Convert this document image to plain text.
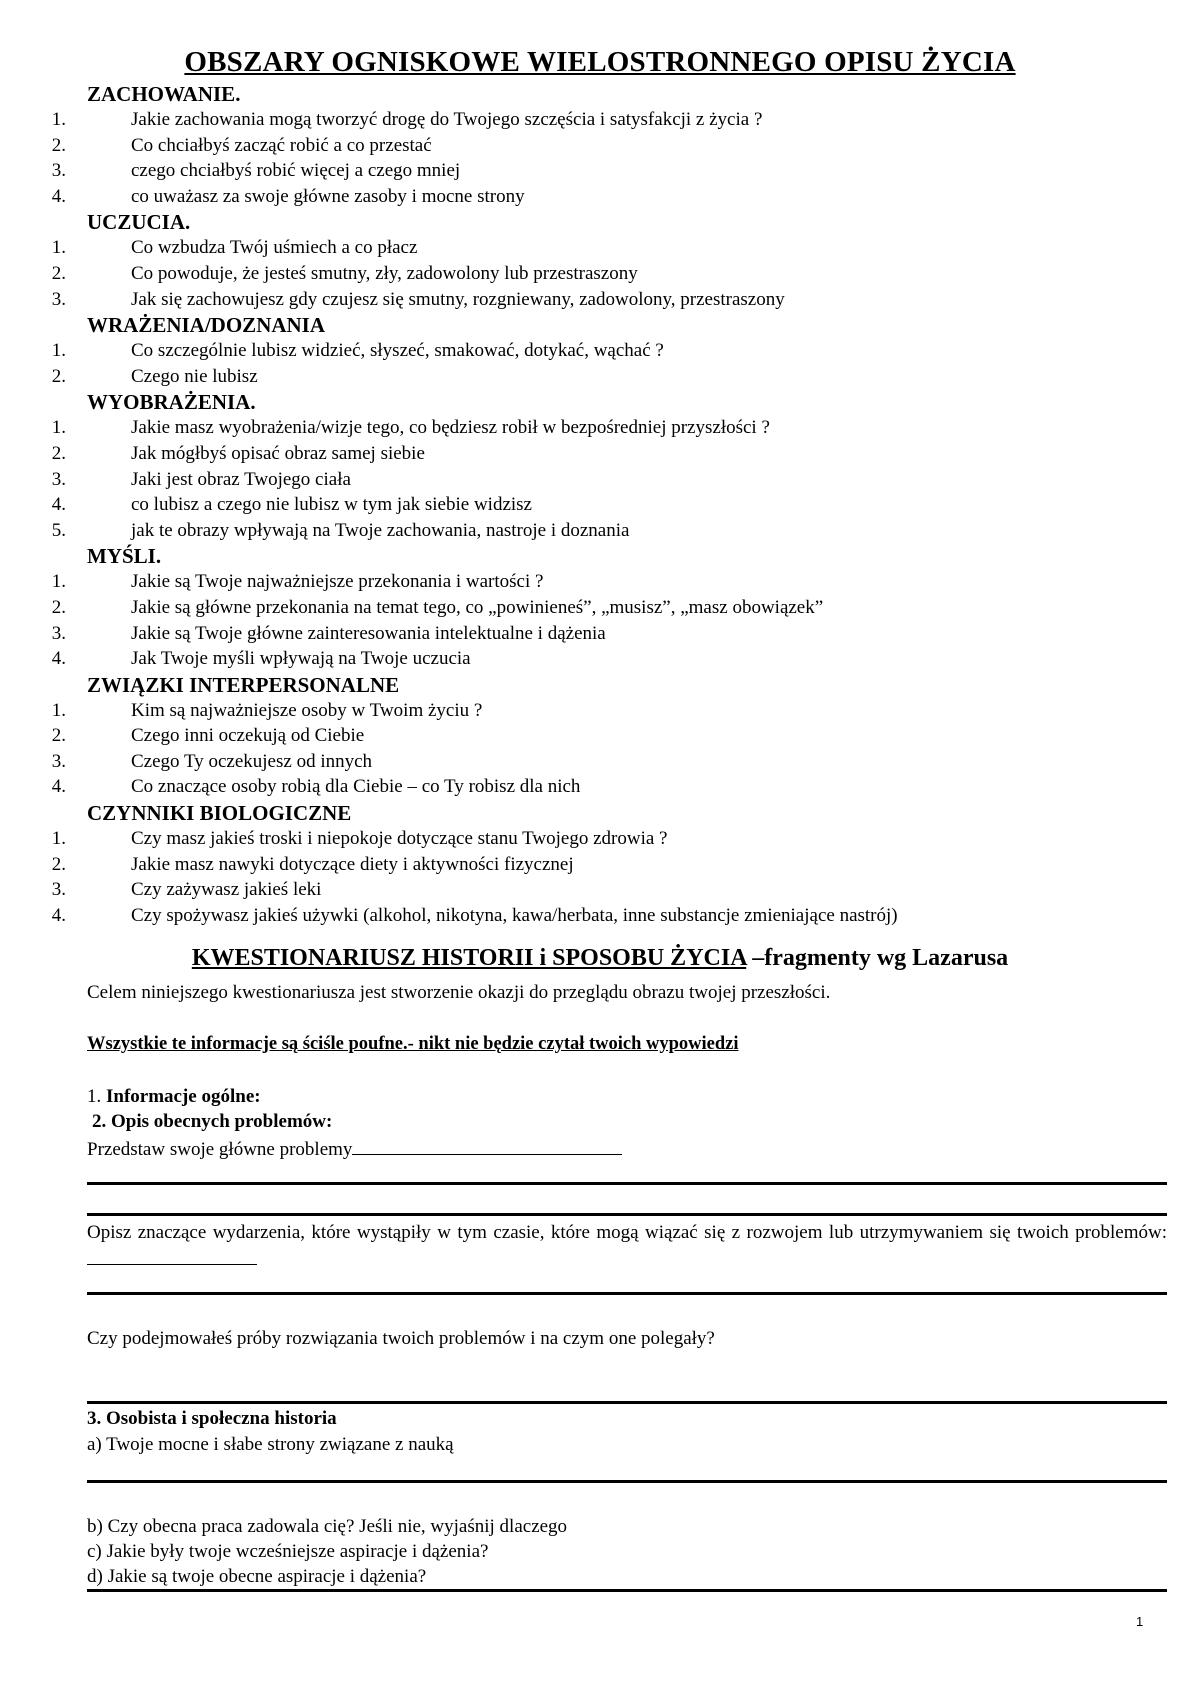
OBSZARY OGNISKOWE WIELOSTRONNEGO OPISU ŻYCIA
ZACHOWANIE.
1.	Jakie zachowania mogą tworzyć drogę do Twojego szczęścia i satysfakcji z życia ?
2.	Co chciałbyś zacząć robić a co przestać
3.	czego chciałbyś robić więcej a czego mniej
4.	co uważasz za swoje główne zasoby i mocne strony
UCZUCIA.
1.	Co wzbudza Twój uśmiech a co płacz
2.	Co powoduje, że jesteś smutny, zły, zadowolony lub przestraszony
3.	Jak się zachowujesz gdy czujesz się smutny, rozgniewany, zadowolony, przestraszony
WRAŻENIA/DOZNANIA
1.	Co szczególnie lubisz widzieć, słyszeć, smakować, dotykać, wąchać ?
2.	Czego nie lubisz
WYOBRAŻENIA.
1.	Jakie masz wyobrażenia/wizje tego, co będziesz robił w bezpośredniej przyszłości ?
2.	Jak mógłbyś opisać obraz samej siebie
3.	Jaki jest obraz Twojego ciała
4.	co lubisz a czego nie lubisz w tym jak siebie widzisz
5.	jak te obrazy wpływają na Twoje zachowania, nastroje i doznania
MYŚLI.
1.	Jakie są Twoje najważniejsze przekonania i wartości ?
2.	Jakie są główne przekonania na temat tego, co „powinieneś”, „musisz”, „masz obowiązek”
3.	Jakie są Twoje główne zainteresowania intelektualne i dążenia
4.	Jak Twoje myśli wpływają na Twoje uczucia
ZWIĄZKI INTERPERSONALNE
1.	Kim są najważniejsze osoby w Twoim życiu ?
2.	Czego inni oczekują od Ciebie
3.	Czego Ty oczekujesz od innych
4.	Co znaczące osoby robią dla Ciebie – co Ty robisz dla nich
CZYNNIKI BIOLOGICZNE
1.	Czy masz jakieś troski i niepokoje dotyczące stanu Twojego zdrowia ?
2.	Jakie masz nawyki dotyczące diety i aktywności fizycznej
3.	Czy zażywasz jakieś leki
4.	Czy spożywasz jakieś używki (alkohol, nikotyna, kawa/herbata, inne substancje zmieniające nastrój)
KWESTIONARIUSZ HISTORII i SPOSOBU ŻYCIA –fragmenty wg Lazarusa
Celem niniejszego kwestionariusza jest stworzenie okazji do przeglądu obrazu twojej przeszłości.
Wszystkie te informacje są ściśle poufne.- nikt nie będzie czytał twoich wypowiedzi
1. Informacje ogólne:
2. Opis obecnych problemów:
Przedstaw swoje główne problemy
Opisz znaczące wydarzenia, które wystąpiły w tym czasie, które mogą wiązać się z rozwojem lub utrzymywaniem się twoich problemów:
Czy podejmowałeś próby rozwiązania twoich problemów i na czym one polegały?
3. Osobista i społeczna historia
a) Twoje mocne i słabe strony związane z nauką
b) Czy obecna praca zadowala cię? Jeśli nie, wyjaśnij dlaczego
c) Jakie były twoje wcześniejsze aspiracje i dążenia?
d) Jakie są twoje obecne aspiracje i dążenia?
1
